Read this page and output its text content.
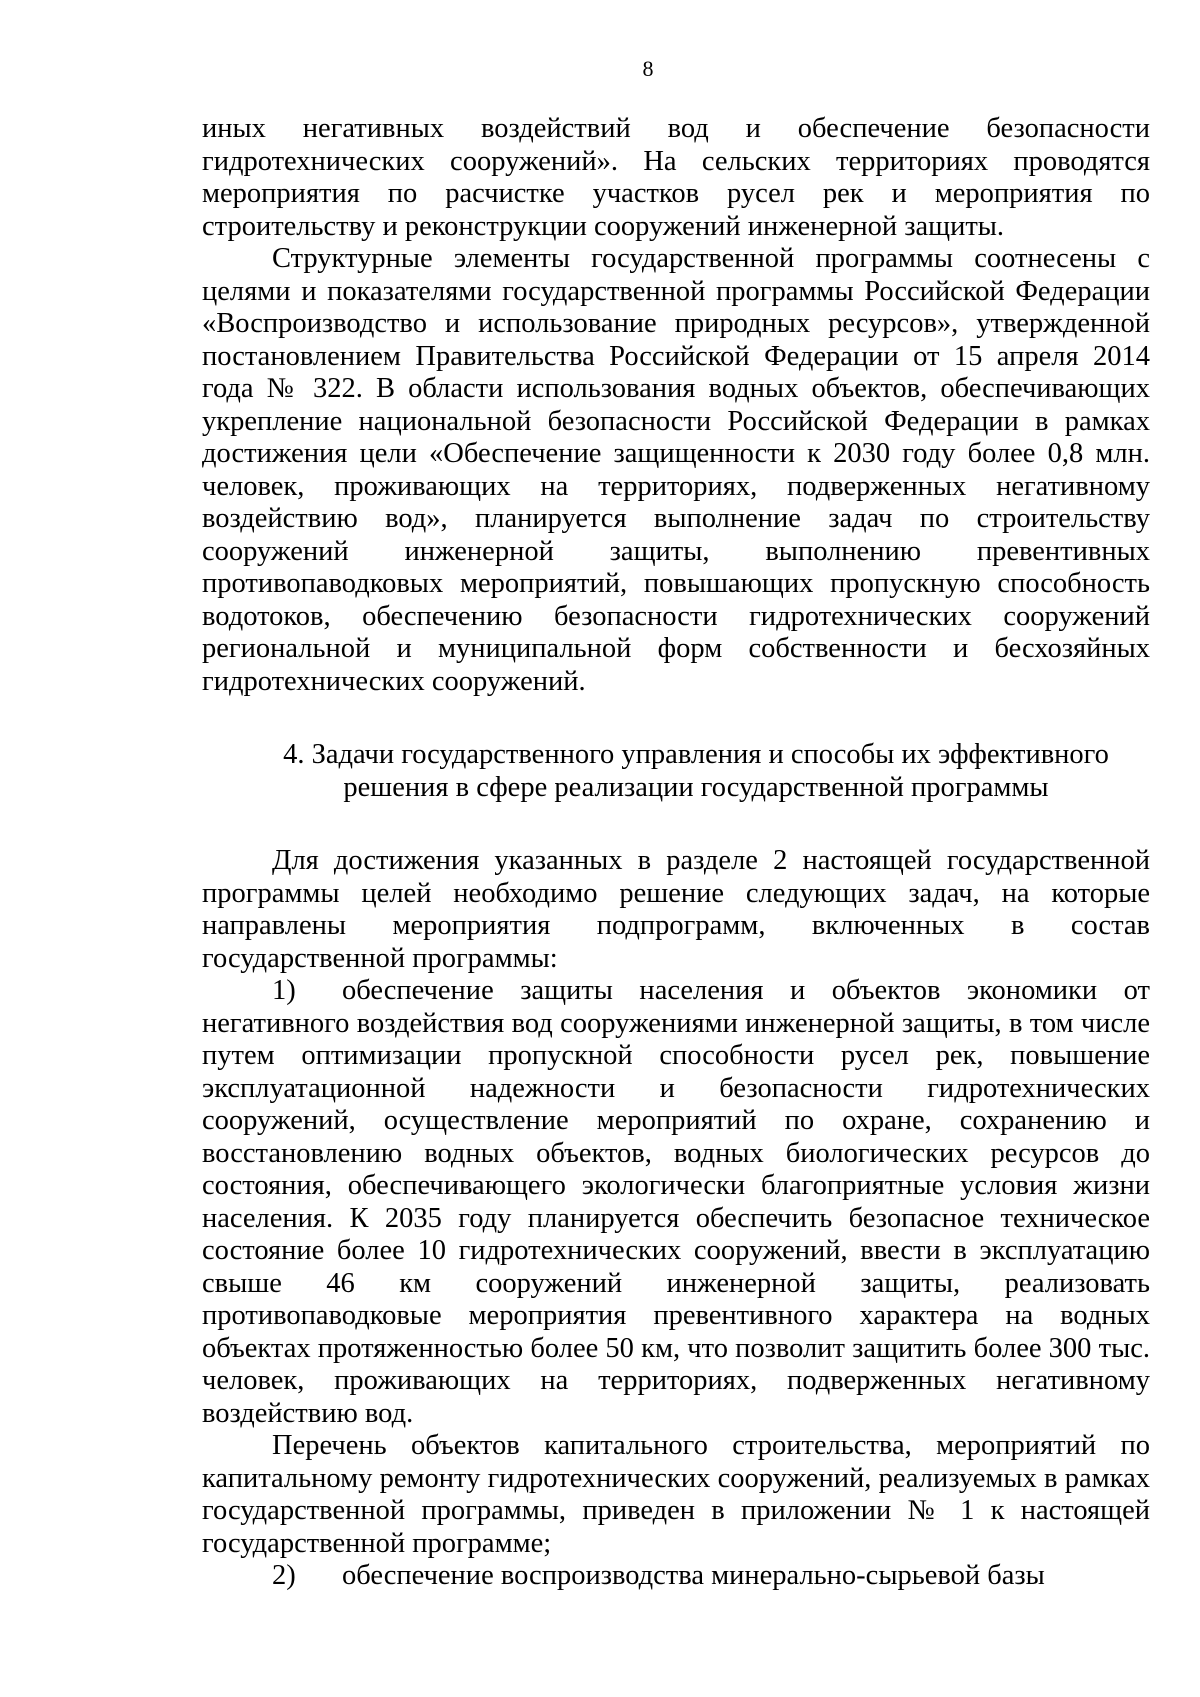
8

иных негативных воздействий вод и обеспечение безопасности гидротехнических сооружений». На сельских территориях проводятся мероприятия по расчистке участков русел рек и мероприятия по строительству и реконструкции сооружений инженерной защиты.

Структурные элементы государственной программы соотнесены с целями и показателями государственной программы Российской Федерации «Воспроизводство и использование природных ресурсов», утвержденной постановлением Правительства Российской Федерации от 15 апреля 2014 года № 322. В области использования водных объектов, обеспечивающих укрепление национальной безопасности Российской Федерации в рамках достижения цели «Обеспечение защищенности к 2030 году более 0,8 млн. человек, проживающих на территориях, подверженных негативному воздействию вод», планируется выполнение задач по строительству сооружений инженерной защиты, выполнению превентивных противопаводковых мероприятий, повышающих пропускную способность водотоков, обеспечению безопасности гидротехнических сооружений региональной и муниципальной форм собственности и бесхозяйных гидротехнических сооружений.

4. Задачи государственного управления и способы их эффективного
решения в сфере реализации государственной программы

Для достижения указанных в разделе 2 настоящей государственной программы целей необходимо решение следующих задач, на которые направлены мероприятия подпрограмм, включенных в состав государственной программы:

1) обеспечение защиты населения и объектов экономики от негативного воздействия вод сооружениями инженерной защиты, в том числе путем оптимизации пропускной способности русел рек, повышение эксплуатационной надежности и безопасности гидротехнических сооружений, осуществление мероприятий по охране, сохранению и восстановлению водных объектов, водных биологических ресурсов до состояния, обеспечивающего экологически благоприятные условия жизни населения. К 2035 году планируется обеспечить безопасное техническое состояние более 10 гидротехнических сооружений, ввести в эксплуатацию свыше 46 км сооружений инженерной защиты, реализовать противопаводковые мероприятия превентивного характера на водных объектах протяженностью более 50 км, что позволит защитить более 300 тыс. человек, проживающих на территориях, подверженных негативному воздействию вод.

Перечень объектов капитального строительства, мероприятий по капитальному ремонту гидротехнических сооружений, реализуемых в рамках государственной программы, приведен в приложении № 1 к настоящей государственной программе;

2) обеспечение воспроизводства минерально-сырьевой базы
